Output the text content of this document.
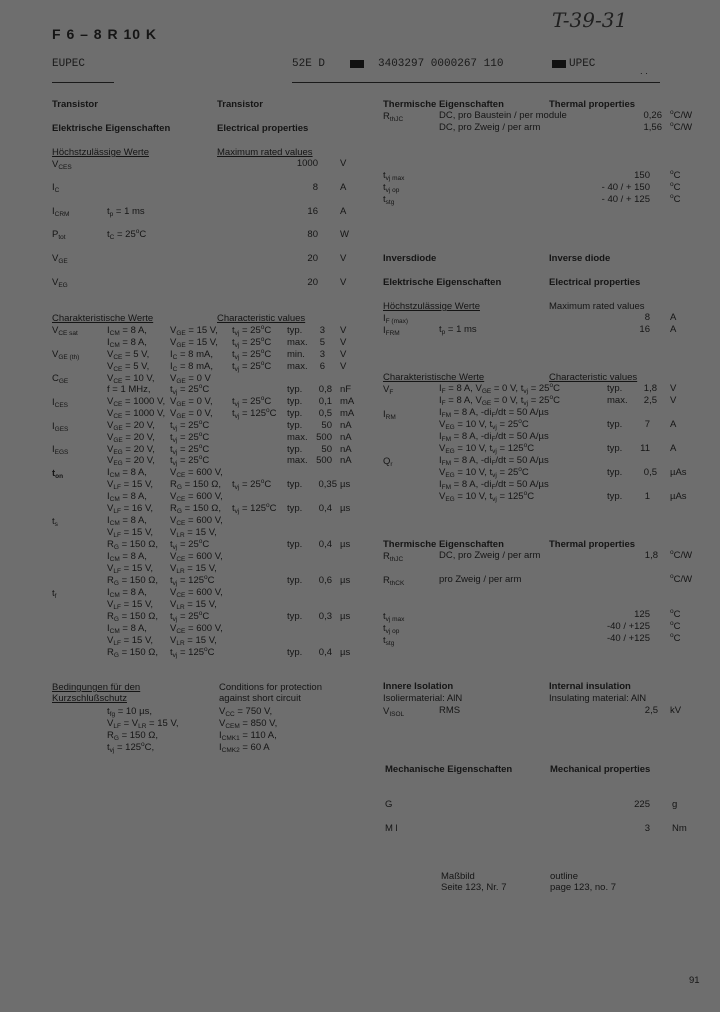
F 6 – 8 R 10 K
T-39-31
EUPEC	52E D	3403297 0000267 110	UPEC
. .
Transistor	Transistor
Elektrische Eigenschaften	Electrical properties
Höchstzulässige Werte	Maximum rated values
$V_{CES}$	1000 V
$I_C$	8 A
$I_{CRM}$	$t_p = 1$ ms	16 A
$P_{tot}$	$t_C = 25^oC$	80 W
$V_{GE}$	20 V
$V_{EG}$	20 V
Charakteristische Werte	Characteristic values
$V_{CE sat}$	$I_{CM} = 8$ A, $V_{GE} = 15$ V, $t_{vj} = 25^oC$ typ.	3 V
$I_{CM} = 8$ A, $V_{GE} = 15$ V, $t_{vj} = 25^oC$ max.	5 V
$V_{GE (th)}$	$V_{CE} = 5$ V, $I_C = 8$ mA, $t_{vj} = 25^oC$ min.	3 V
$V_{CE} = 5$ V, $I_C = 8$ mA, $t_{vj} = 25^oC$ max.	6 V
$C_{GE}$	$V_{CE} = 10$ V, $V_{GE} = 0$ V
f = 1 MHz, $t_{vj} = 25^oC$	typ.	0,8 nF
$I_{CES}$	$V_{CE} = 1000$ V, $V_{GE} = 0$ V, $t_{vj} = 25^oC$ typ.	0,1 mA
$V_{CE} = 1000$ V, $V_{GE} = 0$ V, $t_{vj} = 125^oC$ typ.	0,5 mA
$I_{GES}$	$V_{GE} = 20$ V, $t_{vj} = 25^oC$	typ.	50 nA
$V_{GE} = 20$ V, $t_{vj} = 25^oC$	max. 500 nA
$I_{EGS}$	$V_{EG} = 20$ V, $t_{vj} = 25^oC$	typ.	50 nA
$V_{EG} = 20$ V, $t_{vj} = 25^oC$	max. 500 nA
$t_{on}$	$I_{CM} = 8$ A, $V_{CE} = 600$ V,
$V_{LF} = 15$ V, $R_G = 150$ Ω, $t_{vj} = 25^oC$ typ.	0,35 µs
$I_{CM} = 8$ A, $V_{CE} = 600$ V,
$V_{LF} = 16$ V, $R_G = 150$ Ω, $t_{vj} = 125^oC$ typ.	0,4 µs
$t_s$	$I_{CM} = 8$ A, $V_{CE} = 600$ V,
$V_{LF} = 15$ V, $V_{LR} = 15$ V,
$R_G = 150$ Ω, $t_{vj} = 25^oC$	typ.	0,4 µs
$I_{CM} = 8$ A, $V_{CE} = 600$ V,
$V_{LF} = 15$ V, $V_{LR} = 15$ V,
$R_G = 150$ Ω, $t_{vj} = 125^oC$	typ.	0,6 µs
$t_f$	$I_{CM} = 8$ A, $V_{CE} = 600$ V,
$V_{LF} = 15$ V, $V_{LR} = 15$ V,
$R_G = 150$ Ω, $t_{vj} = 25^oC$	typ.	0,3 µs
$I_{CM} = 8$ A, $V_{CE} = 600$ V,
$V_{LF} = 15$ V, $V_{LR} = 15$ V,
$R_G = 150$ Ω, $t_{vj} = 125^oC$	typ.	0,4 µs
Bedingungen für den
Kurzschlußschutz
Conditions for protection
against short circuit
$t_{fg} = 10$ µs,	$V_{CC} = 750$ V,
$V_{LF} = V_{LR} = 15$ V,	$V_{CEM} = 850$ V,
$R_G = 150$ Ω,	$I_{CMK1} = 110$ A,
$t_{vj} = 125^oC$,	$I_{CMK2} = 60$ A
Thermische Eigenschaften	Thermal properties
$R_{thJC}$	DC, pro Baustein / per module	0,26 $^o$C/W
DC, pro Zweig / per arm	1,56 $^o$C/W
$t_{vj max}$	150	$^o$C
$t_{vj op}$	- 40 / + 150	$^o$C
$t_{stg}$	- 40 / + 125	$^o$C
Inversdiode	Inverse diode
Elektrische Eigenschaften	Electrical properties
Höchstzulässige Werte	Maximum rated values
$I_{F (max)}$	8 A
$I_{FRM}$	$t_p = 1$ ms	16 A
Charakteristische Werte	Characteristic values
$V_F$	$I_F = 8$ A, $V_{GE} = 0$ V, $t_{vj} = 25^oC$	typ.	1,8 V
$I_F = 8$ A, $V_{GE} = 0$ V, $t_{vj} = 25^oC$	max.	2,5 V
$I_{RM}$	$I_{FM} = 8$ A, $-di_F/dt = 50$ A/µs
$V_{EG} = 10$ V, $t_{vj} = 25^oC$	typ.	7 A
$I_{FM} = 8$ A, $-di_F/dt = 50$ A/µs
$V_{EG} = 10$ V, $t_{vj} = 125^oC$	typ.	11 A
$Q_r$	$I_{FM} = 8$ A, $-di_F/dt = 50$ A/µs
$V_{EG} = 10$ V, $t_{vj} = 25^oC$	typ.	0,5 µAs
$I_{FM} = 8$ A, $-di_F/dt = 50$ A/µs
$V_{EG} = 10$ V, $t_{vj} = 125^oC$	typ.	1 µAs
Thermische Eigenschaften	Thermal properties
$R_{thJC}$	DC, pro Zweig / per arm	1,8 $^o$C/W
$R_{thCK}$	pro Zweig / per arm	$^o$C/W
$t_{vj max}$	125	$^o$C
$t_{vj op}$	-40 / +125	$^o$C
$t_{stg}$	-40 / +125	$^o$C
Innere Isolation	Internal insulation
Isoliermaterial: AlN	Insulating material: AlN
$V_{ISOL}$	RMS	2,5 kV
Mechanische Eigenschaften	Mechanical properties
G	225 g
M l	3 Nm
Maßbild	outline
Seite 123, Nr. 7	page 123, no. 7
91
